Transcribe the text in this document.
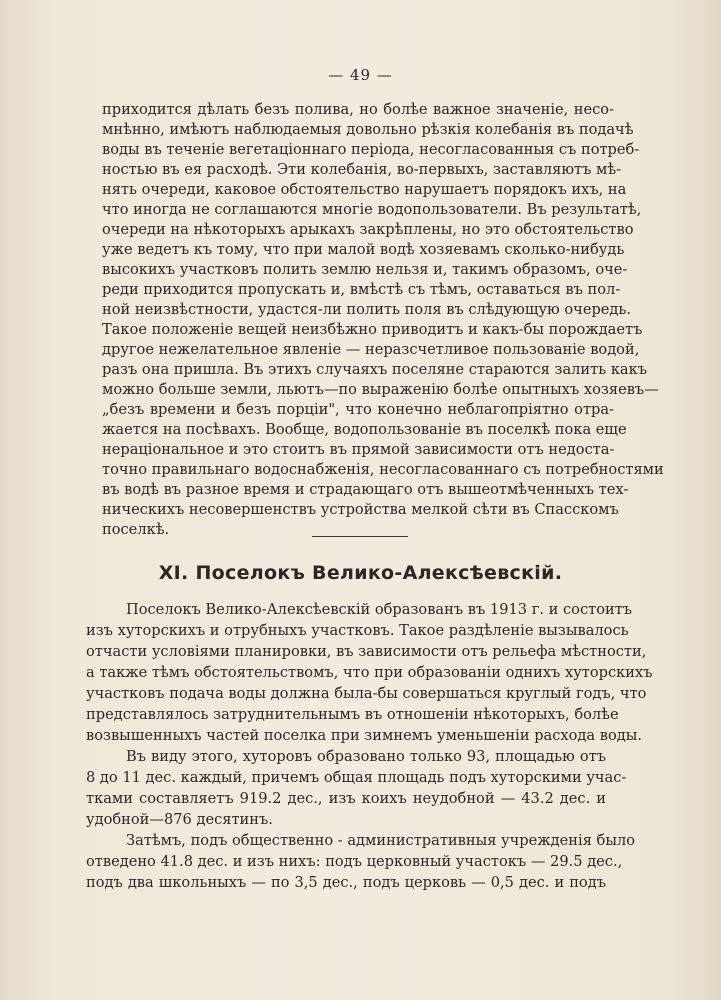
— 49 —
приходится дѣлать безъ полива, но болѣе важное значеніе, несо-
мнѣнно, имѣютъ наблюдаемыя довольно рѣзкія колебанія въ подачѣ
воды въ теченіе вегетаціоннаго періода, несогласованныя съ потреб-
ностью въ ея расходѣ. Эти колебанія, во-первыхъ, заставляютъ мѣ-
нять очереди, каковое обстоятельство нарушаетъ порядокъ ихъ, на
что иногда не соглашаются многіе водопользователи. Въ результатѣ,
очереди на нѣкоторыхъ арыкахъ закрѣплены, но это обстоятельство
уже ведетъ къ тому, что при малой водѣ хозяевамъ сколько-нибудь
высокихъ участковъ полить землю нельзя и, такимъ образомъ, оче-
реди приходится пропускать и, вмѣстѣ съ тѣмъ, оставаться въ пол-
ной неизвѣстности, удастся-ли полить поля въ слѣдующую очередь.
Такое положеніе вещей неизбѣжно приводитъ и какъ-бы порождаетъ
другое нежелательное явленіе — неразсчетливое пользованіе водой,
разъ она пришла. Въ этихъ случаяхъ поселяне стараются залить какъ
можно больше земли, льютъ—по выраженію болѣе опытныхъ хозяевъ—
„безъ времени и безъ порціи", что конечно неблагопріятно отра-
жается на посѣвахъ. Вообще, водопользованіе въ поселкѣ пока еще
нераціональное и это стоитъ въ прямой зависимости отъ недоста-
точно правильнаго водоснабженія, несогласованнаго съ потребностями
въ водѣ въ разное время и страдающаго отъ вышеотмѣченныхъ тех-
ническихъ несовершенствъ устройства мелкой сѣти въ Спасскомъ
поселкѣ.
XI. Поселокъ Велико-Алексѣевскій.
Поселокъ Велико-Алексѣевскій образованъ въ 1913 г. и состоитъ
изъ хуторскихъ и отрубныхъ участковъ. Такое раздѣленіе вызывалось
отчасти условіями планировки, въ зависимости отъ рельефа мѣстности,
а также тѣмъ обстоятельствомъ, что при образованіи однихъ хуторскихъ
участковъ подача воды должна была-бы совершаться круглый годъ, что
представлялось затруднительнымъ въ отношеніи нѣкоторыхъ, болѣе
возвышенныхъ частей поселка при зимнемъ уменьшеніи расхода воды.
Въ виду этого, хуторовъ образовано только 93, площадью отъ
8 до 11 дес. каждый, причемъ общая площадь подъ хуторскими учас-
тками составляетъ 919.2 дес., изъ коихъ неудобной — 43.2 дес. и
удобной—876 десятинъ.
Затѣмъ, подъ общественно - административныя учрежденія было
отведено 41.8 дес. и изъ нихъ: подъ церковный участокъ — 29.5 дес.,
подъ два школьныхъ — по 3,5 дес., подъ церковь — 0,5 дес. и подъ
